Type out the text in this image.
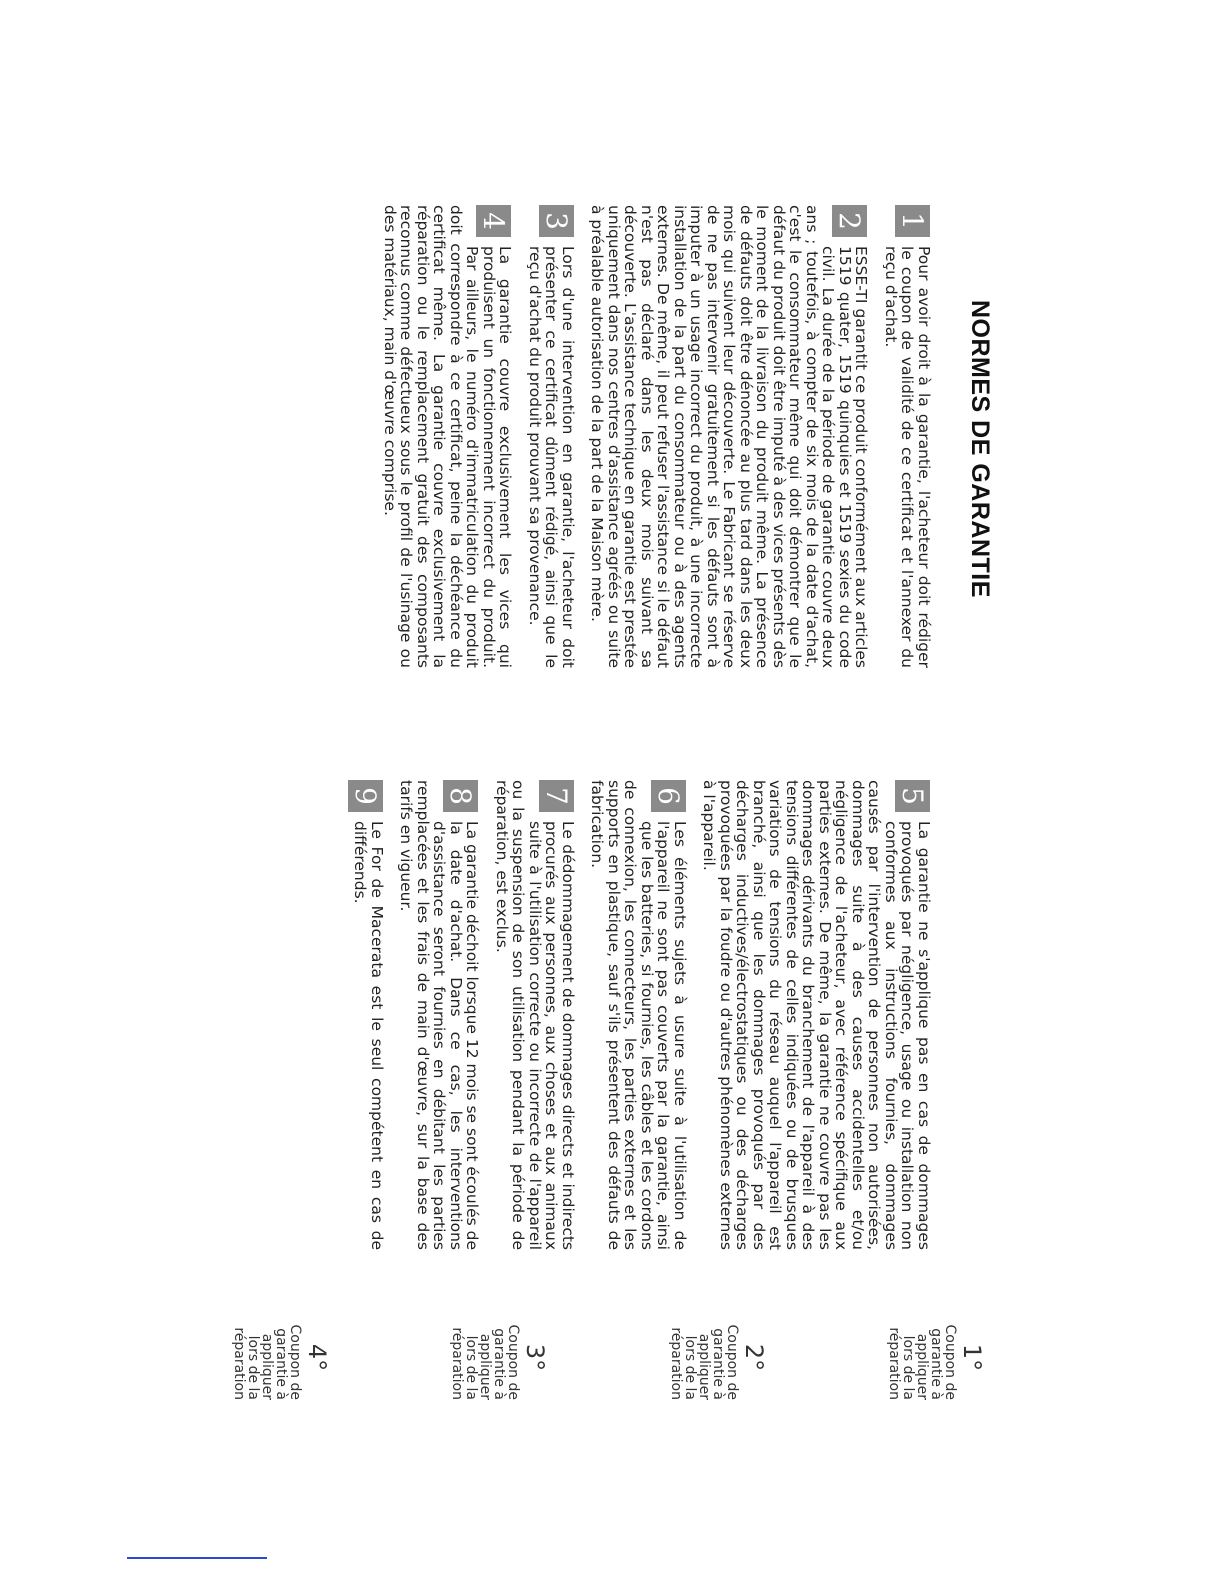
NORMES DE GARANTIE
1

Pour avoir droit à la garantie, l'acheteur doit rédiger le coupon de validité de ce certificat et l'annexer du reçu d'achat.

2

ESSE-TI garantit ce produit conformément aux articles 1519 quater, 1519 quinquies et 1519 sexies du code civil. La durée de la période de garantie couvre deux ans ; toutefois, à compter de six mois de la date d'achat, c'est le consommateur même qui doit démontrer que le défaut du produit doit être imputé à des vices présents dès le moment de la livraison du produit même. La présence de défauts doit être dénoncée au plus tard dans les deux mois qui suivent leur découverte. Le Fabricant se réserve de ne pas intervenir gratuitement si les défauts sont à imputer à un usage incorrect du produit, à une incorrecte installation de la part du consommateur ou à des agents externes. De même, il peut refuser l'assistance si le défaut n'est pas déclaré dans les deux mois suivant sa découverte. L'assistance technique en garantie est prestée uniquement dans nos centres d'assistance agréés ou suite à préalable autorisation de la part de la Maison mère.

3

Lors d'une intervention en garantie, l'acheteur doit présenter ce certificat dûment rédigé, ainsi que le reçu d'achat du produit prouvant sa provenance.

4

La garantie couvre exclusivement les vices qui produisent un fonctionnement incorrect du produit. Par ailleurs, le numéro d'immatriculation du produit doit correspondre à ce certificat, peine la déchéance du certificat même. La garantie couvre exclusivement la réparation ou le remplacement gratuit des composants reconnus comme défectueux sous le profil de l'usinage ou des matériaux, main d'œuvre comprise.

5

La garantie ne s'applique pas en cas de dommages provoqués par négligence, usage ou installation non conformes aux instructions fournies, dommages causés par l'intervention de personnes non autorisées, dommages suite à des causes accidentelles et/ou négligence de l'acheteur, avec référence spécifique aux parties externes. De même, la garantie ne couvre pas les dommages dérivants du branchement de l'appareil à des tensions différentes de celles indiquées ou de brusques variations de tensions du réseau auquel l'appareil est branché, ainsi que les dommages provoqués par des décharges inductives/électrostatiques ou des décharges provoquées par la foudre ou d'autres phénomènes externes à l'appareil.

6

Les éléments sujets à usure suite à l'utilisation de l'appareil ne sont pas couverts par la garantie, ainsi que les batteries, si fournies, les câbles et les cordons de connexion, les connecteurs, les parties externes et les supports en plastique, sauf s'ils présentent des défauts de fabrication.

7

Le dédommagement de dommages directs et indirects procurés aux personnes, aux choses et aux animaux suite à l'utilisation correcte ou incorrecte de l'appareil ou la suspension de son utilisation pendant la période de réparation, est exclus.

8

La garantie déchoit lorsque 12 mois se sont écoulés de la date d'achat. Dans ce cas, les interventions d'assistance seront fournies en débitant les parties remplacées et les frais de main d'œuvre, sur la base des tarifs en vigueur.

9

Le For de Macerata est le seul compétent en cas de différends.

1°
Coupon de garantie à appliquer lors de la réparation
2°
Coupon de garantie à appliquer lors de la réparation
3°
Coupon de garantie à appliquer lors de la réparation
4°
Coupon de garantie à appliquer lors de la réparation
